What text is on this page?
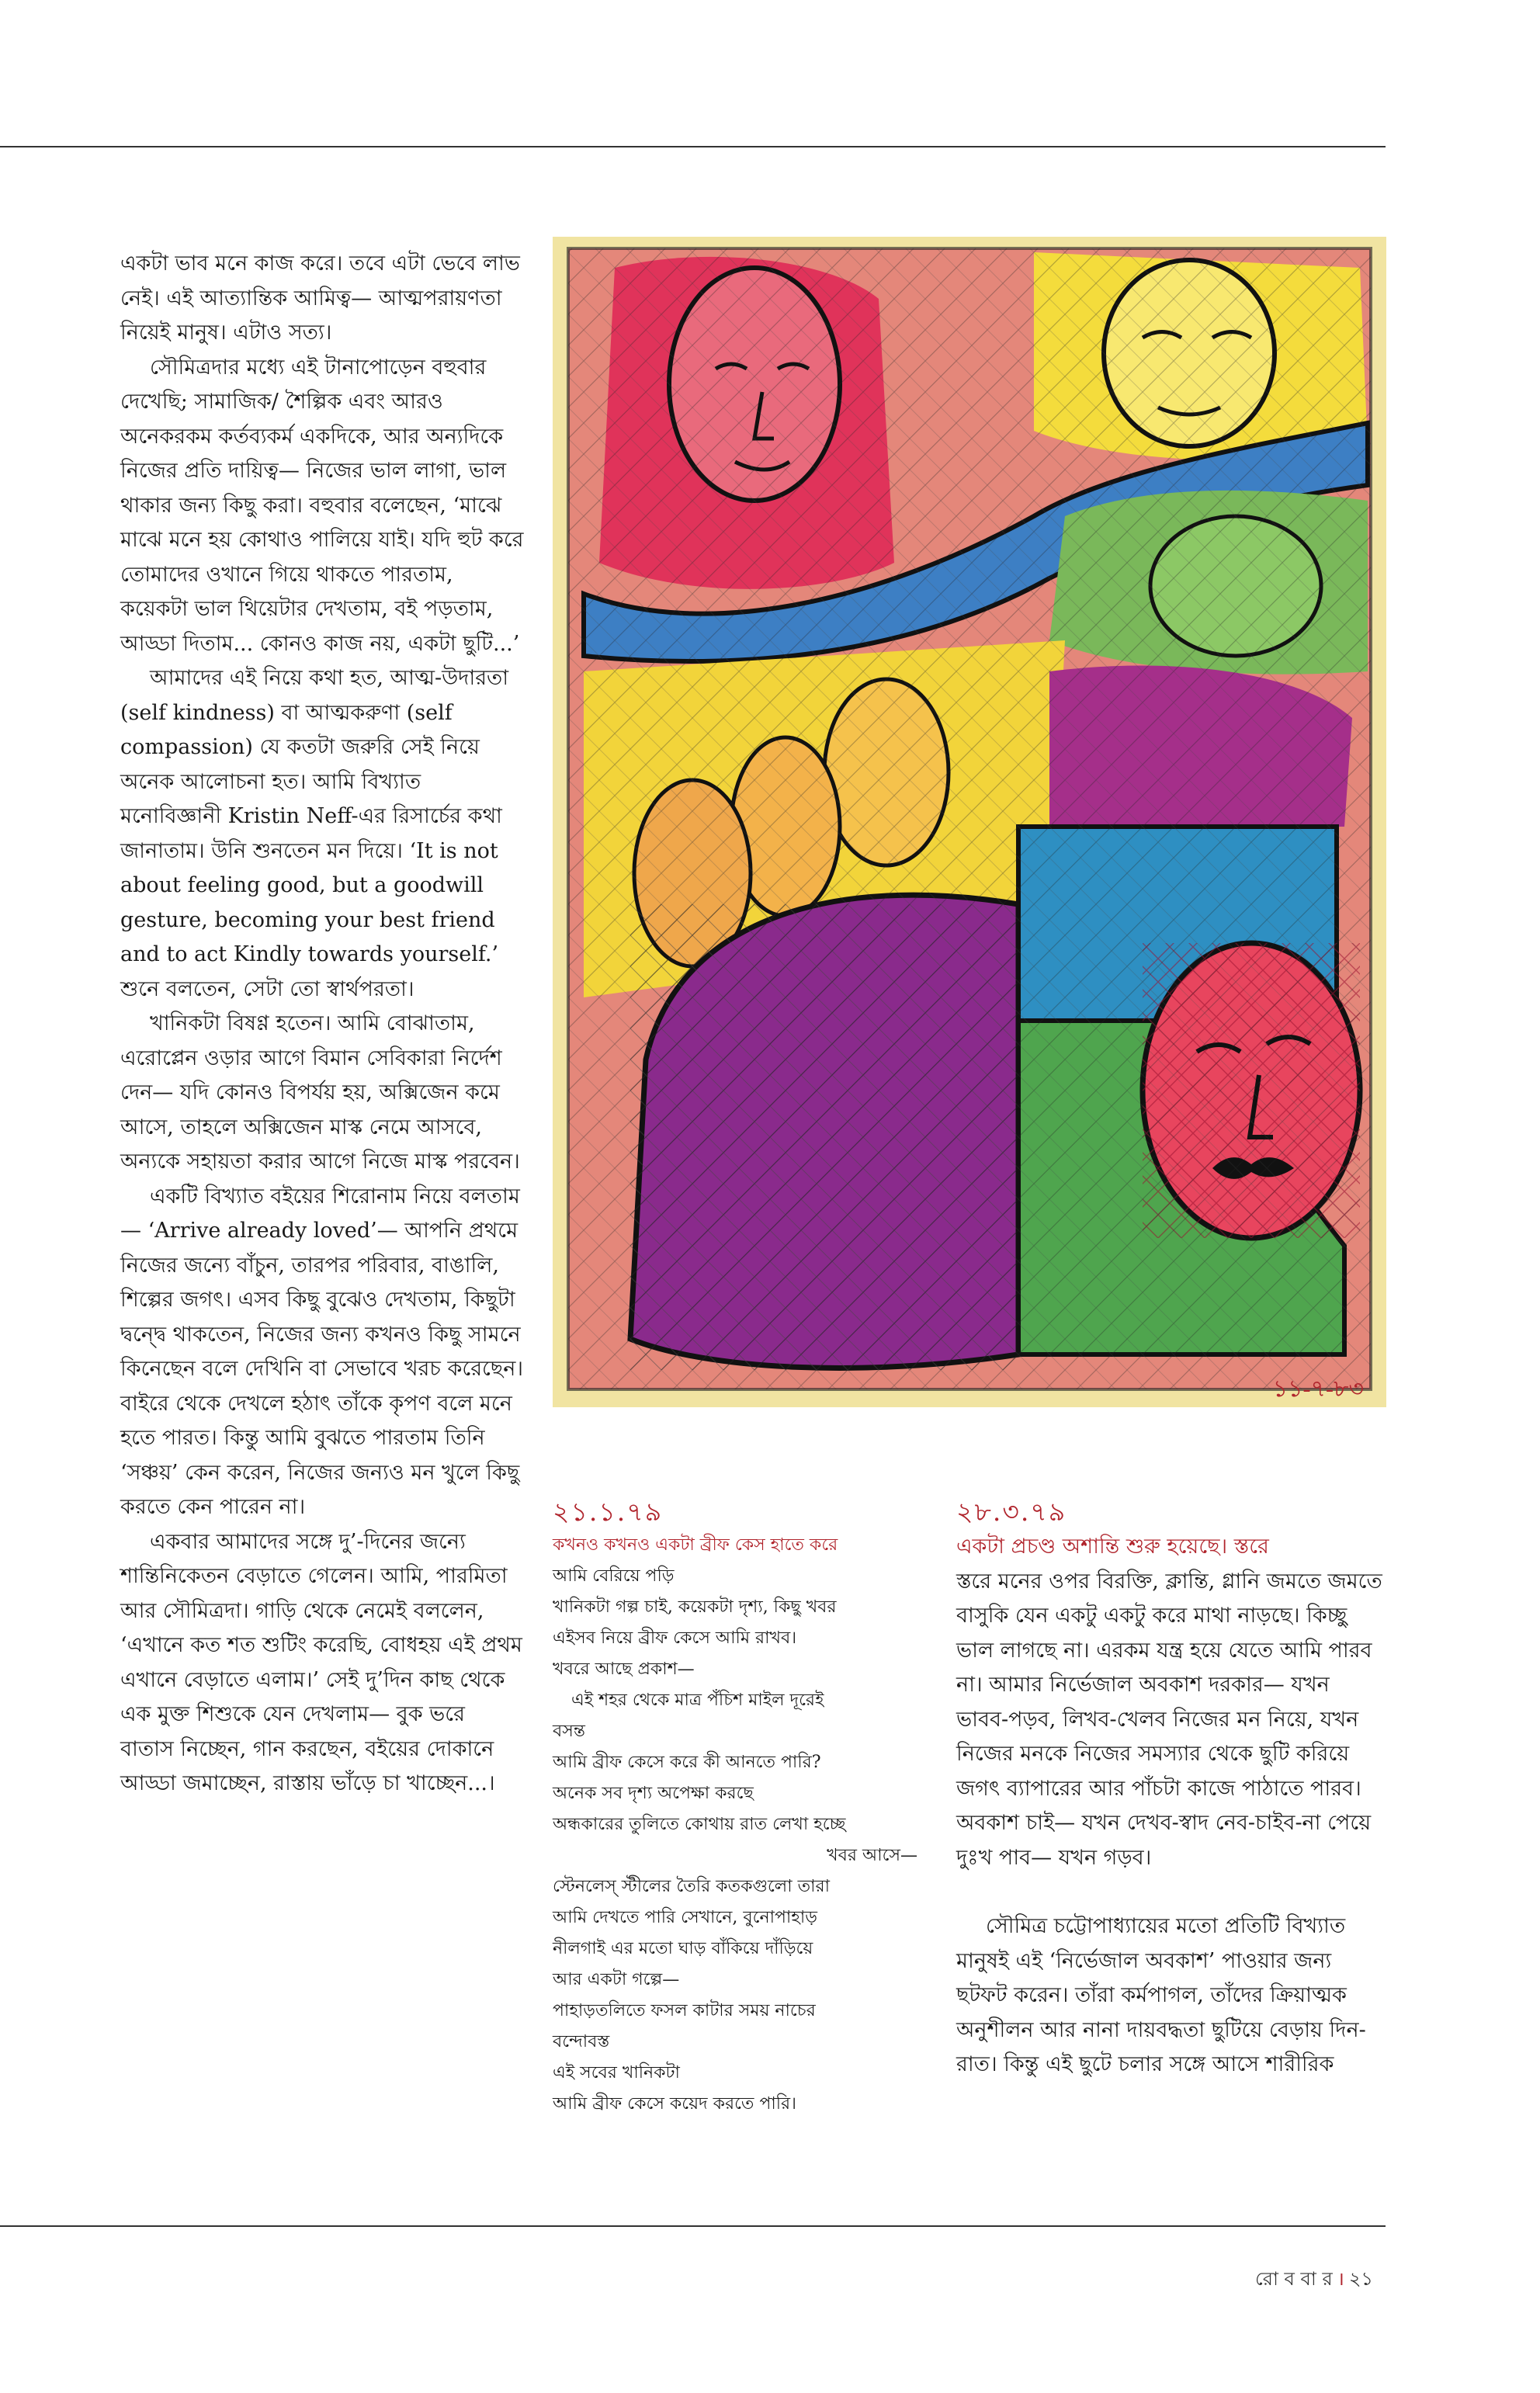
একটা ভাব মনে কাজ করে। তবে এটা ভেবে লাভ নেই। এই আত্যান্তিক আমিত্ব— আত্মপরায়ণতা নিয়েই মানুষ। এটাও সত্য।

সৌমিত্রদার মধ্যে এই টানাপোড়েন বহুবার দেখেছি; সামাজিক/ শৈল্পিক এবং আরও অনেকরকম কর্তব্যকর্ম একদিকে, আর অন্যদিকে নিজের প্রতি দায়িত্ব— নিজের ভাল লাগা, ভাল থাকার জন্য কিছু করা। বহুবার বলেছেন, ‘মাঝে মাঝে মনে হয় কোথাও পালিয়ে যাই। যদি হুট করে তোমাদের ওখানে গিয়ে থাকতে পারতাম, কয়েকটা ভাল থিয়েটার দেখতাম, বই পড়তাম, আড্ডা দিতাম... কোনও কাজ নয়, একটা ছুটি...’

আমাদের এই নিয়ে কথা হত, আত্ম-উদারতা (self kindness) বা আত্মকরুণা (self compassion) যে কতটা জরুরি সেই নিয়ে অনেক আলোচনা হত। আমি বিখ্যাত মনোবিজ্ঞানী Kristin Neff-এর রিসার্চের কথা জানাতাম। উনি শুনতেন মন দিয়ে। ‘It is not about feeling good, but a goodwill gesture, becoming your best friend and to act Kindly towards yourself.’ শুনে বলতেন, সেটা তো স্বার্থপরতা।

খানিকটা বিষণ্ণ হতেন। আমি বোঝাতাম, এরোপ্লেন ওড়ার আগে বিমান সেবিকারা নির্দেশ দেন— যদি কোনও বিপর্যয় হয়, অক্সিজেন কমে আসে, তাহলে অক্সিজেন মাস্ক নেমে আসবে, অন্যকে সহায়তা করার আগে নিজে মাস্ক পরবেন।

একটি বিখ্যাত বইয়ের শিরোনাম নিয়ে বলতাম— ‘Arrive already loved’— আপনি প্রথমে নিজের জন্যে বাঁচুন, তারপর পরিবার, বাঙালি, শিল্পের জগৎ। এসব কিছু বুঝেও দেখতাম, কিছুটা দ্বন্দ্বে থাকতেন, নিজের জন্য কখনও কিছু সামনে কিনেছেন বলে দেখিনি বা সেভাবে খরচ করেছেন। বাইরে থেকে দেখলে হঠাৎ তাঁকে কৃপণ বলে মনে হতে পারত। কিন্তু আমি বুঝতে পারতাম তিনি ‘সঞ্চয়’ কেন করেন, নিজের জন্যও মন খুলে কিছু করতে কেন পারেন না।

একবার আমাদের সঙ্গে দু’-দিনের জন্যে শান্তিনিকেতন বেড়াতে গেলেন। আমি, পারমিতা আর সৌমিত্রদা। গাড়ি থেকে নেমেই বললেন, ‘এখানে কত শত শুটিং করেছি, বোধহয় এই প্রথম এখানে বেড়াতে এলাম।’ সেই দু’দিন কাছ থেকে এক মুক্ত শিশুকে যেন দেখলাম— বুক ভরে বাতাস নিচ্ছেন, গান করছেন, বইয়ের দোকানে আড্ডা জমাচ্ছেন, রাস্তায় ভাঁড়ে চা খাচ্ছেন...।

১১-৭-৮৩
২১.১.৭৯
কখনও কখনও একটা ব্রীফ কেস হাতে করে
আমি বেরিয়ে পড়ি
খানিকটা গল্প চাই, কয়েকটা দৃশ্য, কিছু খবর
এইসব নিয়ে ব্রীফ কেসে আমি রাখব।
খবরে আছে প্রকাশ—
এই শহর থেকে মাত্র পঁচিশ মাইল দূরেই
বসন্ত
আমি ব্রীফ কেসে করে কী আনতে পারি?
অনেক সব দৃশ্য অপেক্ষা করছে
অন্ধকারের তুলিতে কোথায় রাত লেখা হচ্ছে
খবর আসে—
স্টেনলেস্ স্টীলের তৈরি কতকগুলো তারা
আমি দেখতে পারি সেখানে, বুনোপাহাড়
নীলগাই এর মতো ঘাড় বাঁকিয়ে দাঁড়িয়ে
আর একটা গল্পে—
পাহাড়তলিতে ফসল কাটার সময় নাচের
বন্দোবস্ত
এই সবের খানিকটা
আমি ব্রীফ কেসে কয়েদ করতে পারি।
২৮.৩.৭৯
একটা প্রচণ্ড অশান্তি শুরু হয়েছে। স্তরে

স্তরে মনের ওপর বিরক্তি, ক্লান্তি, গ্লানি জমতে জমতে বাসুকি যেন একটু একটু করে মাথা নাড়ছে। কিচ্ছু ভাল লাগছে না। এরকম যন্ত্র হয়ে যেতে আমি পারব না। আমার নির্ভেজাল অবকাশ দরকার— যখন ভাবব-পড়ব, লিখব-খেলব নিজের মন নিয়ে, যখন নিজের মনকে নিজের সমস্যার থেকে ছুটি করিয়ে জগৎ ব্যাপারের আর পাঁচটা কাজে পাঠাতে পারব। অবকাশ চাই— যখন দেখব-স্বাদ নেব-চাইব-না পেয়ে দুঃখ পাব— যখন গড়ব।

সৌমিত্র চট্টোপাধ্যায়ের মতো প্রতিটি বিখ্যাত মানুষই এই ‘নির্ভেজাল অবকাশ’ পাওয়ার জন্য ছটফট করেন। তাঁরা কর্মপাগল, তাঁদের ক্রিয়াত্মক অনুশীলন আর নানা দায়বদ্ধতা ছুটিয়ে বেড়ায় দিন-রাত। কিন্তু এই ছুটে চলার সঙ্গে আসে শারীরিক

রো ব বা র । ২১
